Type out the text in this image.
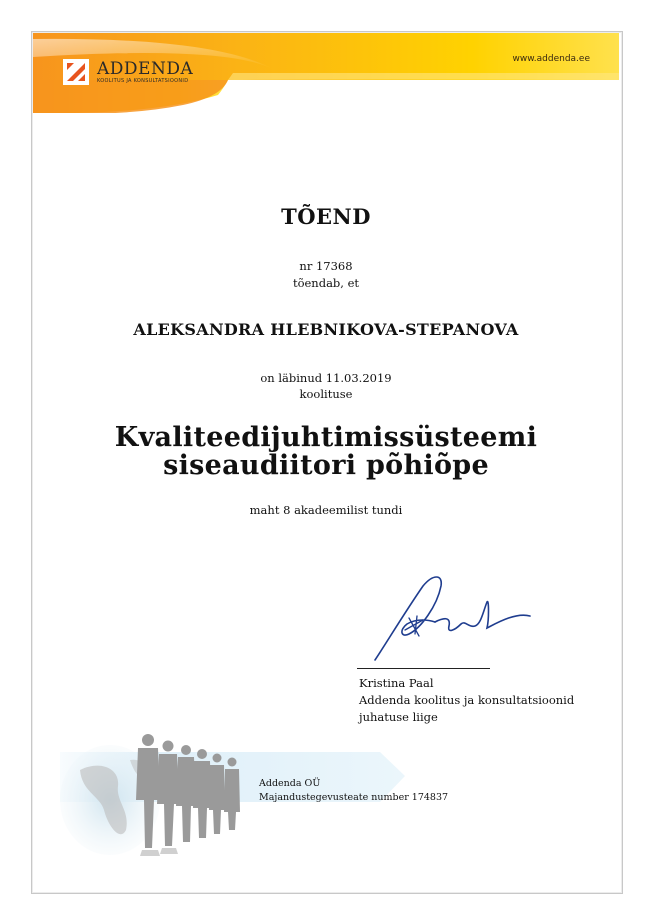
ADDENDA
KOOLITUS JA KONSULTATSIOONID
www.addenda.ee
TÕEND
nr 17368
tõendab, et
ALEKSANDRA HLEBNIKOVA-STEPANOVA
on läbinud 11.03.2019
koolituse
Kvaliteedijuhtimissüsteemi
siseaudiitori põhiõpe
maht 8 akadeemilist tundi
Kristina Paal
Addenda koolitus ja konsultatsioonid
juhatuse liige
Addenda OÜ
Majandustegevusteate number 174837
